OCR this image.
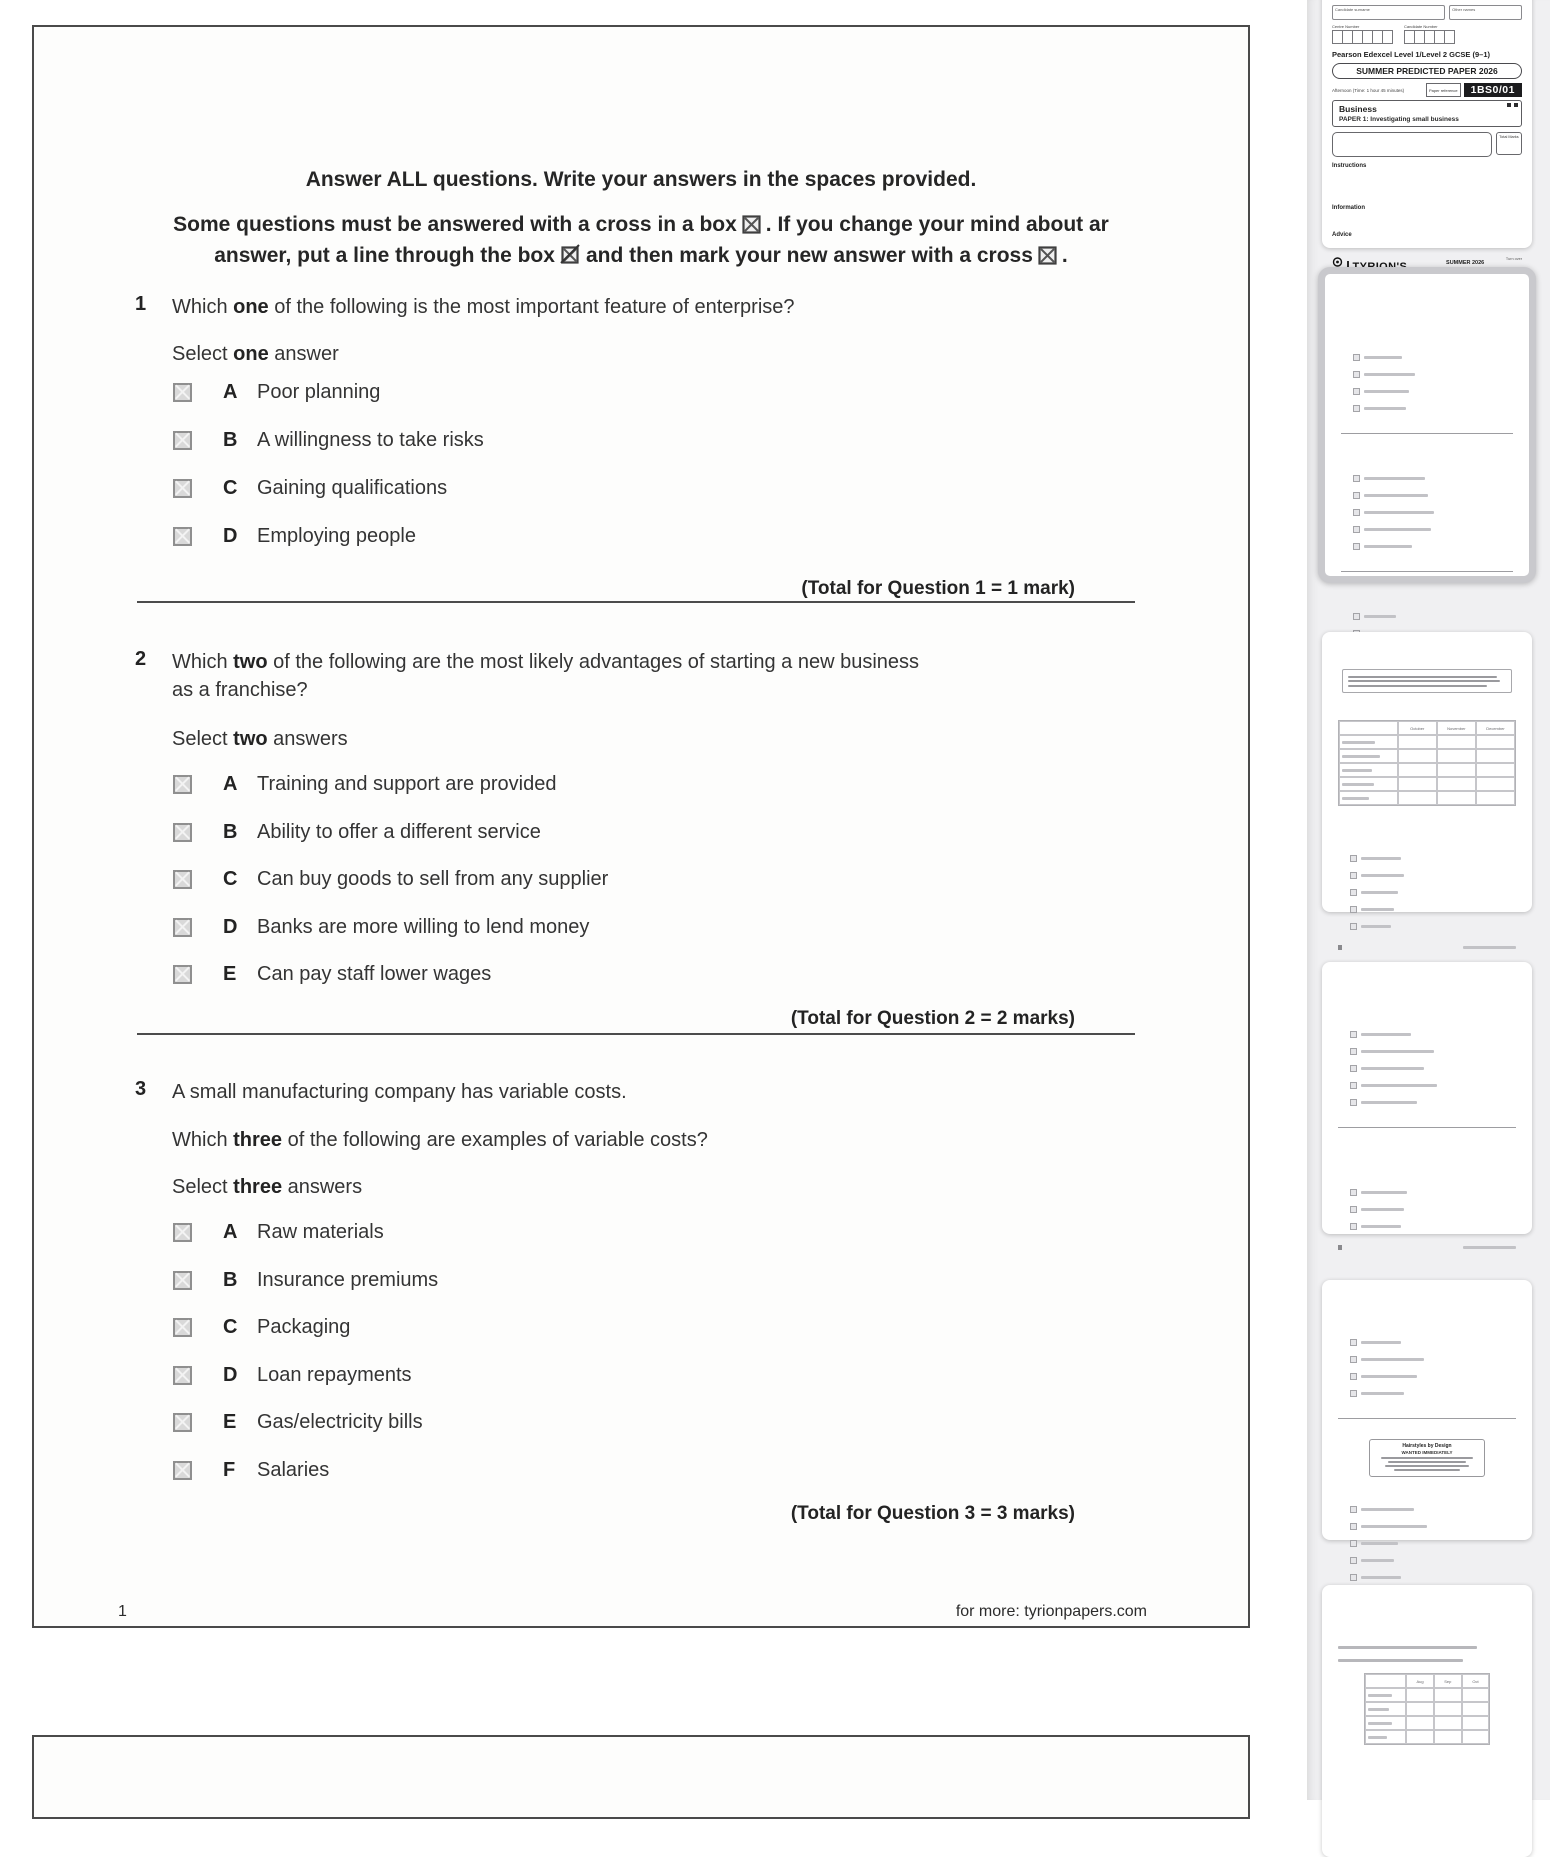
Answer ALL questions. Write your answers in the spaces provided.
Some questions must be answered with a cross in a box ☒ . If you change your mind about ar
answer, put a line through the box and then mark your new answer with a cross ☒ .
1 Which one of the following is the most important feature of enterprise?
Select one answer
A Poor planning
B A willingness to take risks
C Gaining qualifications
D Employing people
(Total for Question 1 = 1 mark)
2 Which two of the following are the most likely advantages of starting a new business as a franchise?
Select two answers
A Training and support are provided
B Ability to offer a different service
C Can buy goods to sell from any supplier
D Banks are more willing to lend money
E	Can pay staff lower wages
(Total for Question 2 = 2 marks)
3 A small manufacturing company has variable costs.
Which three of the following are examples of variable costs?
Select three answers
A Raw materials
B Insurance premiums
C Packaging
D Loan repayments
E	Gas/electricity bills
F	Salaries
(Total for Question 3 = 3 marks)
1	for more: tyrionpapers.com
Candidate surname	Other names
Centre Number	Candidate Number
Pearson Edexcel Level 1/Level 2 GCSE (9–1)
SUMMER PREDICTED PAPER 2026
Afternoon (Time: 1 hour 45 minutes)	Paper reference	1BS0/01
Business
PAPER 1: Investigating small business
Total Marks
Instructions
Information
Advice
SUMMER 2026
Turn over
October	November	December
Hairstyles by Design
WANTED IMMEDIATELY
Aug	Sep	Oct
